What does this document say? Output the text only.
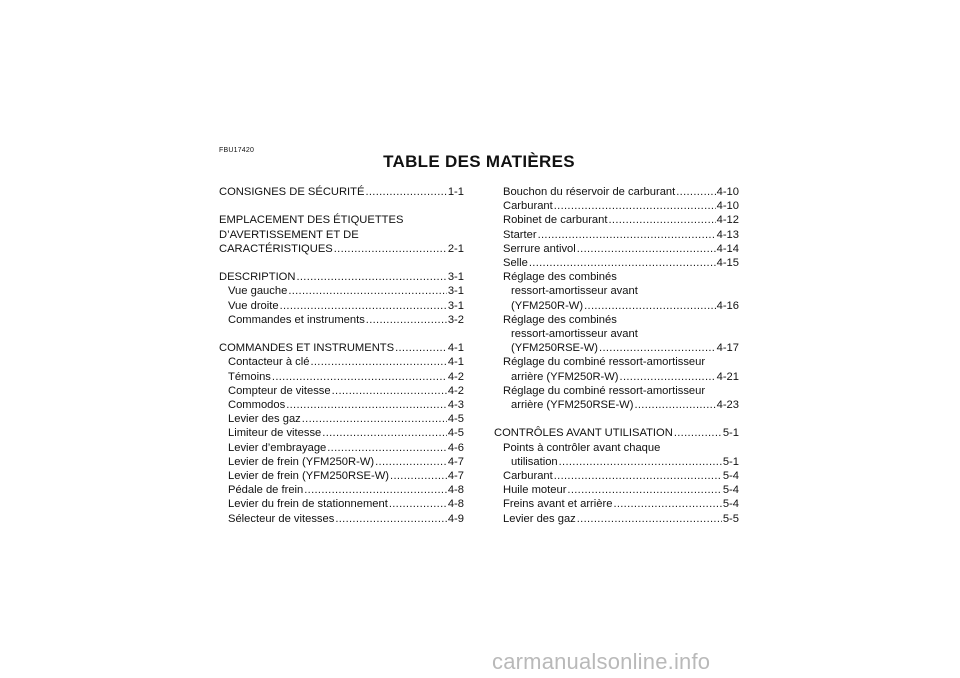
FBU17420
TABLE DES MATIÈRES
CONSIGNES DE SÉCURITÉ . . .	1-1
EMPLACEMENT DES ÉTIQUETTES
D’AVERTISSEMENT ET DE
CARACTÉRISTIQUES . . .	2-1
DESCRIPTION . . .	3-1
Vue gauche . . .	3-1
Vue droite . . .	3-1
Commandes et instruments . . .	3-2
COMMANDES ET INSTRUMENTS . . .	4-1
Contacteur à clé . . .	4-1
Témoins . . .	4-2
Compteur de vitesse . . .	4-2
Commodos . . .	4-3
Levier des gaz . . .	4-5
Limiteur de vitesse . . .	4-5
Levier d’embrayage . . .	4-6
Levier de frein (YFM250R-W) . . .	4-7
Levier de frein (YFM250RSE-W) . . .	4-7
Pédale de frein . . .	4-8
Levier du frein de stationnement . . .	4-8
Sélecteur de vitesses . . .	4-9
Bouchon du réservoir de carburant . . .	4-10
Carburant . . .	4-10
Robinet de carburant . . .	4-12
Starter . . .	4-13
Serrure antivol . . .	4-14
Selle . . .	4-15
Réglage des combinés
ressort-amortisseur avant
(YFM250R-W) . . .	4-16
Réglage des combinés
ressort-amortisseur avant
(YFM250RSE-W) . . .	4-17
Réglage du combiné ressort-amortisseur
arrière (YFM250R-W) . . .	4-21
Réglage du combiné ressort-amortisseur
arrière (YFM250RSE-W) . . .	4-23
CONTRÔLES AVANT UTILISATION . . .	5-1
Points à contrôler avant chaque
utilisation . . .	5-1
Carburant . . .	5-4
Huile moteur . . .	5-4
Freins avant et arrière . . .	5-4
Levier des gaz . . .	5-5
carmanualsonline.info
